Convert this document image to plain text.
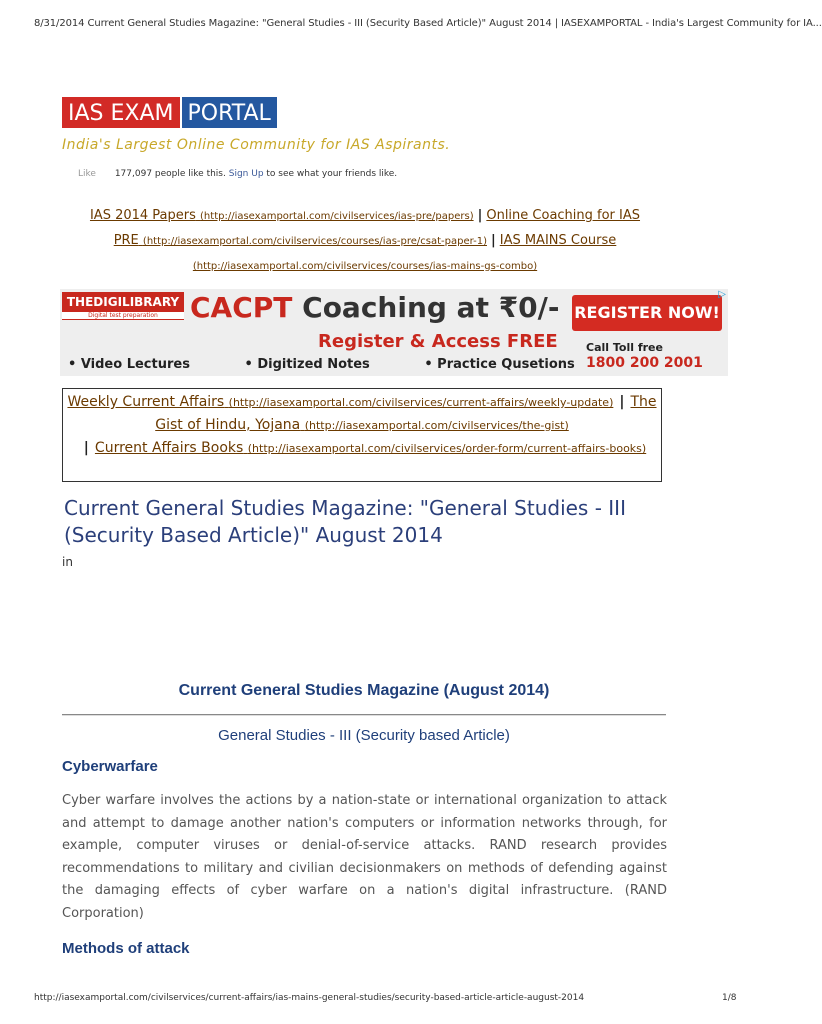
8/31/2014 Current General Studies Magazine: "General Studies - III (Security Based Article)" August 2014 | IASEXAMPORTAL - India's Largest Community for IA...
IAS EXAM PORTAL
India's Largest Online Community for IAS Aspirants.
Like 177,097 people like this. Sign Up to see what your friends like.
IAS 2014 Papers (http://iasexamportal.com/civilservices/ias-pre/papers) | Online Coaching for IAS PRE (http://iasexamportal.com/civilservices/courses/ias-pre/csat-paper-1) | IAS MAINS Course (http://iasexamportal.com/civilservices/courses/ias-mains-gs-combo)
THEDIGILIBRARY
Digital test preparation	CACPT Coaching at ₹0/-
Register & Access FREE
• Video Lectures	• Digitized Notes	• Practice Qusetions
REGISTER NOW!
Call Toll free
1800 200 2001
▷
Weekly Current Affairs (http://iasexamportal.com/civilservices/current-affairs/weekly-update) | The Gist of Hindu, Yojana (http://iasexamportal.com/civilservices/the-gist)
| Current Affairs Books (http://iasexamportal.com/civilservices/order-form/current-affairs-books)
Current General Studies Magazine: "General Studies - III (Security Based Article)" August 2014
in
Current General Studies Magazine (August 2014)
General Studies - III (Security based Article)
Cyberwarfare
Cyber warfare involves the actions by a nation-state or international organization to attack and attempt to damage another nation's computers or information networks through, for example, computer viruses or denial-of-service attacks. RAND research provides recommendations to military and civilian decisionmakers on methods of defending against the damaging effects of cyber warfare on a nation's digital infrastructure. (RAND Corporation)
Methods of attack
http://iasexamportal.com/civilservices/current-affairs/ias-mains-general-studies/security-based-article-article-august-2014	1/8
